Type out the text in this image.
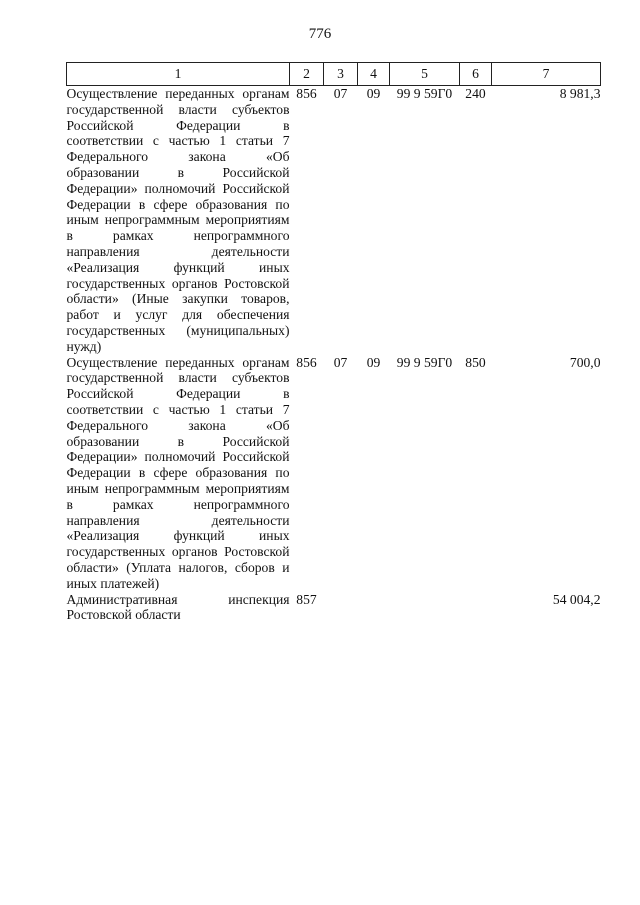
776
1	2	3	4	5	6	7
Осуществление переданных органам государственной власти субъектов Российской Федерации в соответствии с частью 1 статьи 7 Федерального закона «Об образовании в Российской Федерации» полномочий Российской Федерации в сфере образования по иным непрограммным мероприятиям в рамках непрограммного направления деятельности «Реализация функций иных государственных органов Ростовской области» (Иные закупки товаров, работ и услуг для обеспечения государственных (муниципальных) нужд)	856	07	09	99 9 59Г0	240	8 981,3
Осуществление переданных органам государственной власти субъектов Российской Федерации в соответствии с частью 1 статьи 7 Федерального закона «Об образовании в Российской Федерации» полномочий Российской Федерации в сфере образования по иным непрограммным мероприятиям в рамках непрограммного направления деятельности «Реализация функций иных государственных органов Ростовской области» (Уплата налогов, сборов и иных платежей)	856	07	09	99 9 59Г0	850	700,0
Административная инспекция Ростовской области	857					54 004,2
